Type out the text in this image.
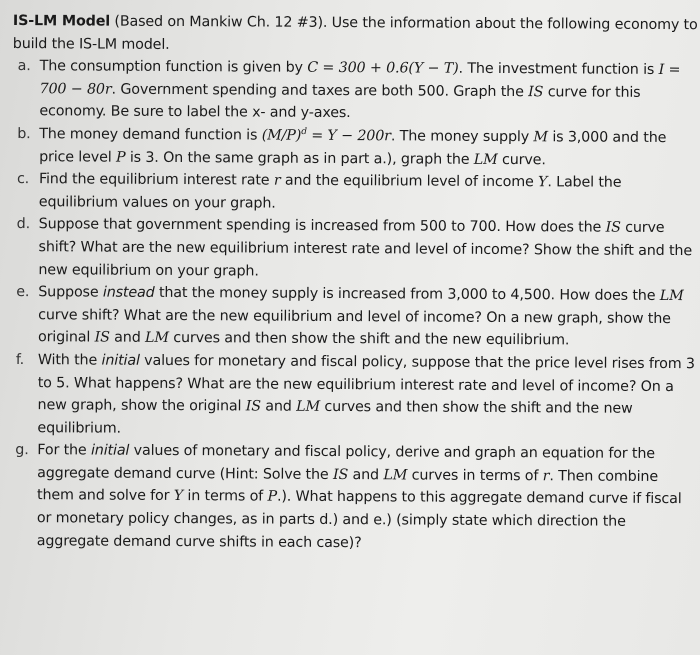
IS-LM Model (Based on Mankiw Ch. 12 #3). Use the information about the following economy to build the IS-LM model.

a. The consumption function is given by C = 300 + 0.6(Y − T). The investment function is I = 700 − 80r. Government spending and taxes are both 500. Graph the IS curve for this economy. Be sure to label the x- and y-axes.

b. The money demand function is $(M/P)^d = Y - 200r$. The money supply M is 3,000 and the price level P is 3. On the same graph as in part a.), graph the LM curve.

c. Find the equilibrium interest rate r and the equilibrium level of income Y. Label the equilibrium values on your graph.

d. Suppose that government spending is increased from 500 to 700. How does the IS curve shift? What are the new equilibrium interest rate and level of income? Show the shift and the new equilibrium on your graph.

e. Suppose instead that the money supply is increased from 3,000 to 4,500. How does the LM curve shift? What are the new equilibrium and level of income? On a new graph, show the original IS and LM curves and then show the shift and the new equilibrium.

f. With the initial values for monetary and fiscal policy, suppose that the price level rises from 3 to 5. What happens? What are the new equilibrium interest rate and level of income? On a new graph, show the original IS and LM curves and then show the shift and the new equilibrium.

g. For the initial values of monetary and fiscal policy, derive and graph an equation for the aggregate demand curve (Hint: Solve the IS and LM curves in terms of r. Then combine them and solve for Y in terms of P.). What happens to this aggregate demand curve if fiscal or monetary policy changes, as in parts d.) and e.) (simply state which direction the aggregate demand curve shifts in each case)?
